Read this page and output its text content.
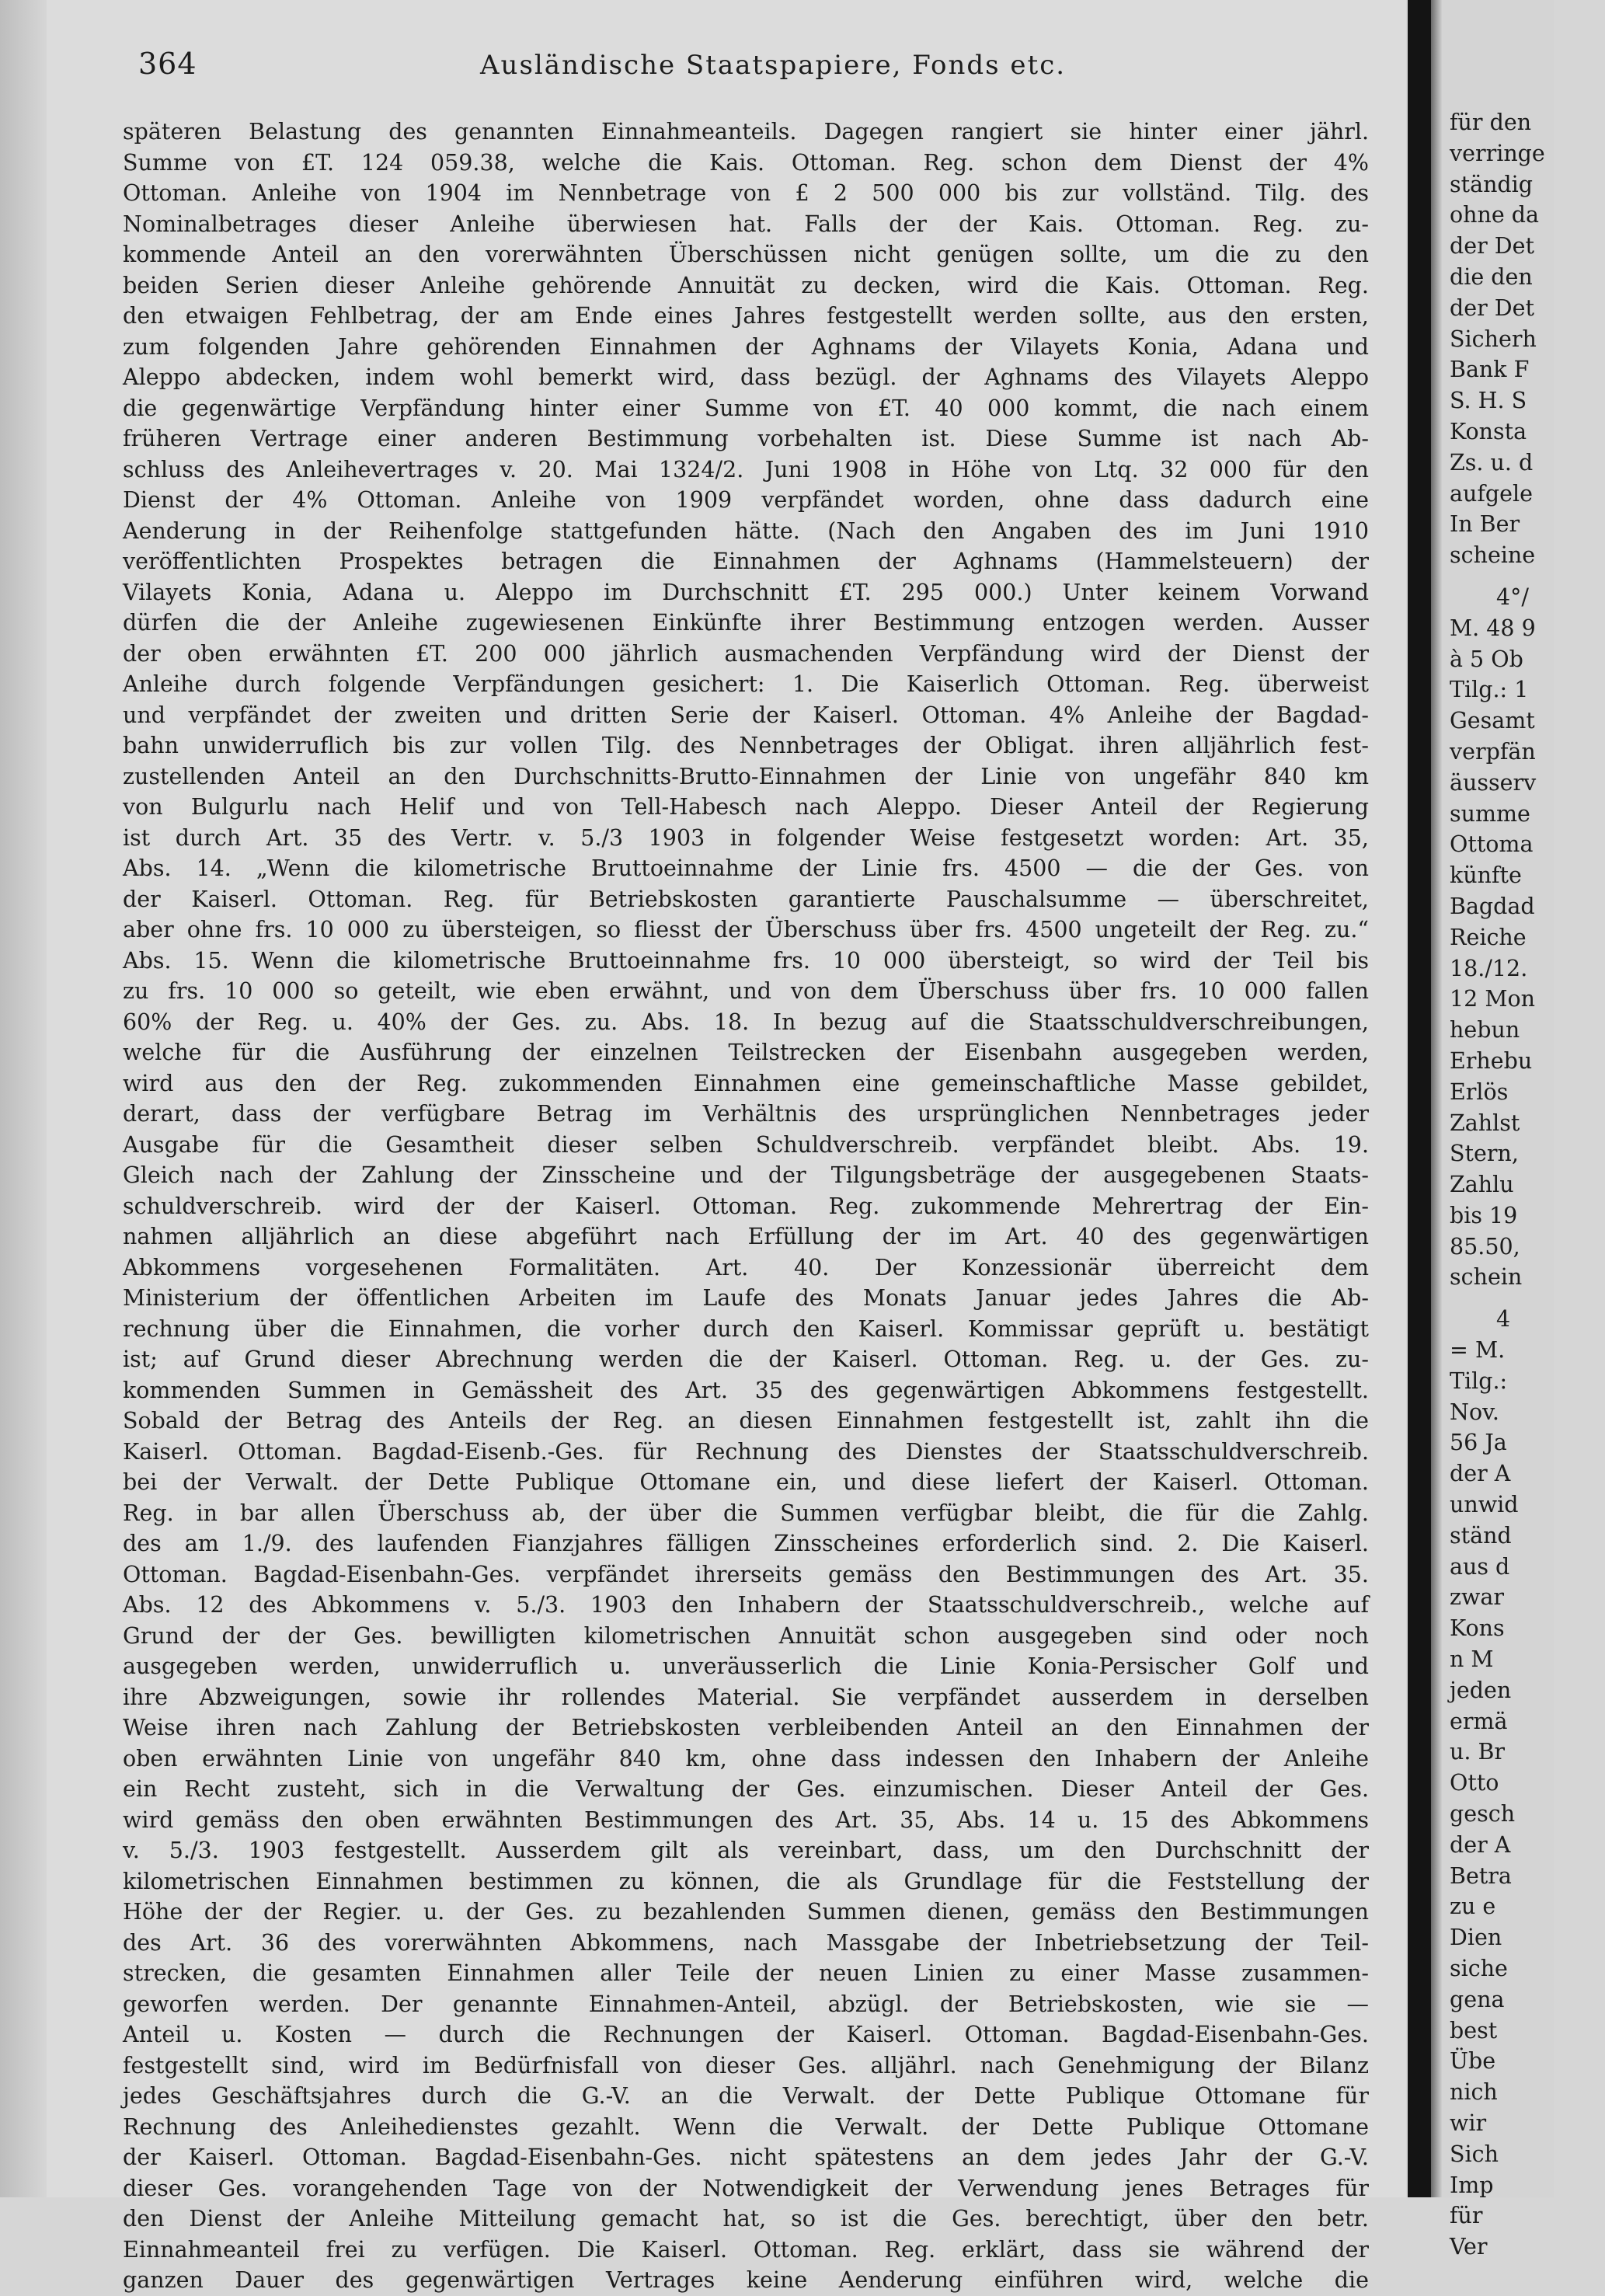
364	Ausländische Staatspapiere, Fonds etc.
späteren Belastung des genannten Einnahmeanteils. Dagegen rangiert sie hinter einer jährl.
Summe von £T. 124 059.38, welche die Kais. Ottoman. Reg. schon dem Dienst der 4%
Ottoman. Anleihe von 1904 im Nennbetrage von £ 2 500 000 bis zur vollständ. Tilg. des
Nominalbetrages dieser Anleihe überwiesen hat. Falls der der Kais. Ottoman. Reg. zu-
kommende Anteil an den vorerwähnten Überschüssen nicht genügen sollte, um die zu den
beiden Serien dieser Anleihe gehörende Annuität zu decken, wird die Kais. Ottoman. Reg.
den etwaigen Fehlbetrag, der am Ende eines Jahres festgestellt werden sollte, aus den ersten,
zum folgenden Jahre gehörenden Einnahmen der Aghnams der Vilayets Konia, Adana und
Aleppo abdecken, indem wohl bemerkt wird, dass bezügl. der Aghnams des Vilayets Aleppo
die gegenwärtige Verpfändung hinter einer Summe von £T. 40 000 kommt, die nach einem
früheren Vertrage einer anderen Bestimmung vorbehalten ist. Diese Summe ist nach Ab-
schluss des Anleihevertrages v. 20. Mai 1324/2. Juni 1908 in Höhe von Ltq. 32 000 für den
Dienst der 4% Ottoman. Anleihe von 1909 verpfändet worden, ohne dass dadurch eine
Aenderung in der Reihenfolge stattgefunden hätte. (Nach den Angaben des im Juni 1910
veröffentlichten Prospektes betragen die Einnahmen der Aghnams (Hammelsteuern) der
Vilayets Konia, Adana u. Aleppo im Durchschnitt £T. 295 000.) Unter keinem Vorwand
dürfen die der Anleihe zugewiesenen Einkünfte ihrer Bestimmung entzogen werden. Ausser
der oben erwähnten £T. 200 000 jährlich ausmachenden Verpfändung wird der Dienst der
Anleihe durch folgende Verpfändungen gesichert: 1. Die Kaiserlich Ottoman. Reg. überweist
und verpfändet der zweiten und dritten Serie der Kaiserl. Ottoman. 4% Anleihe der Bagdad-
bahn unwiderruflich bis zur vollen Tilg. des Nennbetrages der Obligat. ihren alljährlich fest-
zustellenden Anteil an den Durchschnitts-Brutto-Einnahmen der Linie von ungefähr 840 km
von Bulgurlu nach Helif und von Tell-Habesch nach Aleppo. Dieser Anteil der Regierung
ist durch Art. 35 des Vertr. v. 5./3 1903 in folgender Weise festgesetzt worden: Art. 35,
Abs. 14. „Wenn die kilometrische Bruttoeinnahme der Linie frs. 4500 — die der Ges. von
der Kaiserl. Ottoman. Reg. für Betriebskosten garantierte Pauschalsumme — überschreitet,
aber ohne frs. 10 000 zu übersteigen, so fliesst der Überschuss über frs. 4500 ungeteilt der Reg. zu.“
Abs. 15. Wenn die kilometrische Bruttoeinnahme frs. 10 000 übersteigt, so wird der Teil bis
zu frs. 10 000 so geteilt, wie eben erwähnt, und von dem Überschuss über frs. 10 000 fallen
60% der Reg. u. 40% der Ges. zu. Abs. 18. In bezug auf die Staatsschuldverschreibungen,
welche für die Ausführung der einzelnen Teilstrecken der Eisenbahn ausgegeben werden,
wird aus den der Reg. zukommenden Einnahmen eine gemeinschaftliche Masse gebildet,
derart, dass der verfügbare Betrag im Verhältnis des ursprünglichen Nennbetrages jeder
Ausgabe für die Gesamtheit dieser selben Schuldverschreib. verpfändet bleibt. Abs. 19.
Gleich nach der Zahlung der Zinsscheine und der Tilgungsbeträge der ausgegebenen Staats-
schuldverschreib. wird der der Kaiserl. Ottoman. Reg. zukommende Mehrertrag der Ein-
nahmen alljährlich an diese abgeführt nach Erfüllung der im Art. 40 des gegenwärtigen
Abkommens vorgesehenen Formalitäten. Art. 40. Der Konzessionär überreicht dem
Ministerium der öffentlichen Arbeiten im Laufe des Monats Januar jedes Jahres die Ab-
rechnung über die Einnahmen, die vorher durch den Kaiserl. Kommissar geprüft u. bestätigt
ist; auf Grund dieser Abrechnung werden die der Kaiserl. Ottoman. Reg. u. der Ges. zu-
kommenden Summen in Gemässheit des Art. 35 des gegenwärtigen Abkommens festgestellt.
Sobald der Betrag des Anteils der Reg. an diesen Einnahmen festgestellt ist, zahlt ihn die
Kaiserl. Ottoman. Bagdad-Eisenb.-Ges. für Rechnung des Dienstes der Staatsschuldverschreib.
bei der Verwalt. der Dette Publique Ottomane ein, und diese liefert der Kaiserl. Ottoman.
Reg. in bar allen Überschuss ab, der über die Summen verfügbar bleibt, die für die Zahlg.
des am 1./9. des laufenden Fianzjahres fälligen Zinsscheines erforderlich sind. 2. Die Kaiserl.
Ottoman. Bagdad-Eisenbahn-Ges. verpfändet ihrerseits gemäss den Bestimmungen des Art. 35.
Abs. 12 des Abkommens v. 5./3. 1903 den Inhabern der Staatsschuldverschreib., welche auf
Grund der der Ges. bewilligten kilometrischen Annuität schon ausgegeben sind oder noch
ausgegeben werden, unwiderruflich u. unveräusserlich die Linie Konia-Persischer Golf und
ihre Abzweigungen, sowie ihr rollendes Material. Sie verpfändet ausserdem in derselben
Weise ihren nach Zahlung der Betriebskosten verbleibenden Anteil an den Einnahmen der
oben erwähnten Linie von ungefähr 840 km, ohne dass indessen den Inhabern der Anleihe
ein Recht zusteht, sich in die Verwaltung der Ges. einzumischen. Dieser Anteil der Ges.
wird gemäss den oben erwähnten Bestimmungen des Art. 35, Abs. 14 u. 15 des Abkommens
v. 5./3. 1903 festgestellt. Ausserdem gilt als vereinbart, dass, um den Durchschnitt der
kilometrischen Einnahmen bestimmen zu können, die als Grundlage für die Feststellung der
Höhe der der Regier. u. der Ges. zu bezahlenden Summen dienen, gemäss den Bestimmungen
des Art. 36 des vorerwähnten Abkommens, nach Massgabe der Inbetriebsetzung der Teil-
strecken, die gesamten Einnahmen aller Teile der neuen Linien zu einer Masse zusammen-
geworfen werden. Der genannte Einnahmen-Anteil, abzügl. der Betriebskosten, wie sie —
Anteil u. Kosten — durch die Rechnungen der Kaiserl. Ottoman. Bagdad-Eisenbahn-Ges.
festgestellt sind, wird im Bedürfnisfall von dieser Ges. alljährl. nach Genehmigung der Bilanz
jedes Geschäftsjahres durch die G.-V. an die Verwalt. der Dette Publique Ottomane für
Rechnung des Anleihedienstes gezahlt. Wenn die Verwalt. der Dette Publique Ottomane
der Kaiserl. Ottoman. Bagdad-Eisenbahn-Ges. nicht spätestens an dem jedes Jahr der G.-V.
dieser Ges. vorangehenden Tage von der Notwendigkeit der Verwendung jenes Betrages für
den Dienst der Anleihe Mitteilung gemacht hat, so ist die Ges. berechtigt, über den betr.
Einnahmeanteil frei zu verfügen. Die Kaiserl. Ottoman. Reg. erklärt, dass sie während der
ganzen Dauer des gegenwärtigen Vertrages keine Aenderung einführen wird, welche die
für den
verringe
ständig
ohne da
der Det
die den
der Det
Sicherh
Bank F
S. H. S
Konsta
Zs. u. d
aufgele
In Ber
scheine
4°/
M. 48 9
à 5 Ob
Tilg.: 1
Gesamt
verpfän
äusserv
summe
Ottoma
künfte
Bagdad
Reiche
18./12.
12 Mon
hebun
Erhebu
Erlös
Zahlst
Stern,
Zahlu
bis 19
85.50,
schein
4
= M.
Tilg.:
Nov.
56 Ja
der A
unwid
ständ
aus d
zwar
Kons
n M
jeden
ermä
u. Br
Otto
gesch
der A
Betra
zu e
Dien
siche
gena
best
Übe
nich
wir
Sich
Imp
für
Ver
